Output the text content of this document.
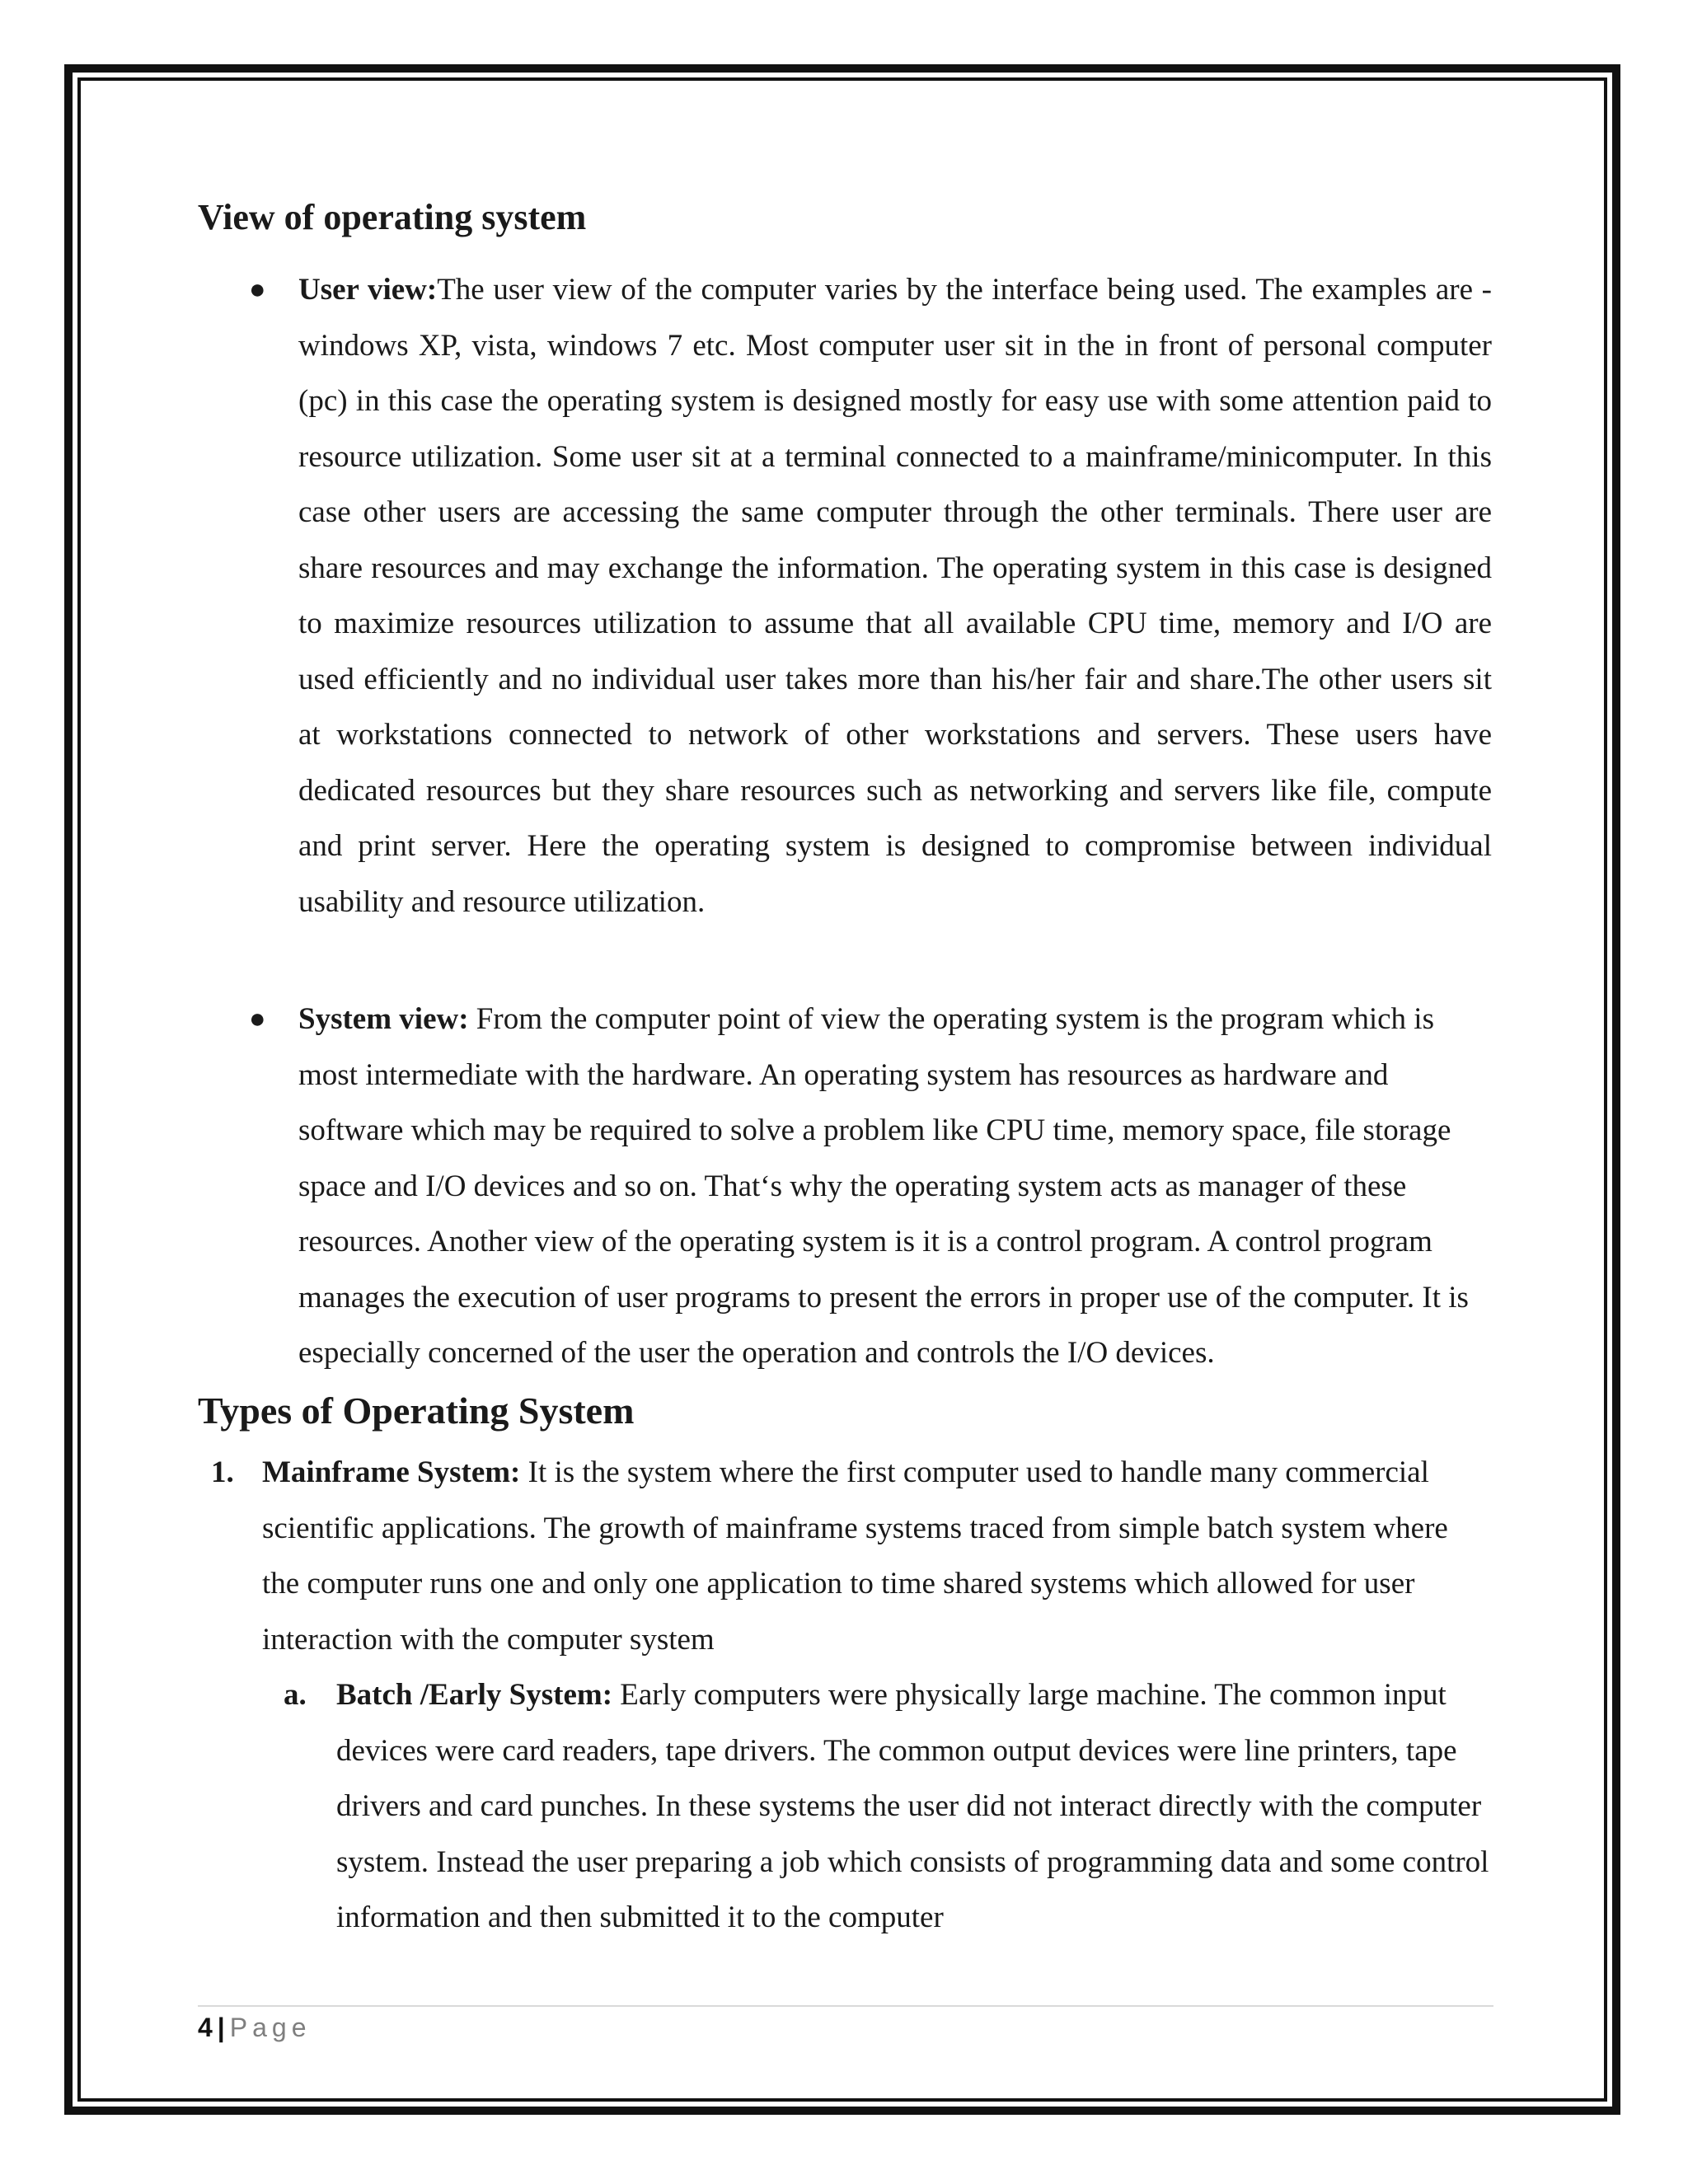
View of operating system
● User view:The user view of the computer varies by the interface being used. The examples are -windows XP, vista, windows 7 etc. Most computer user sit in the in front of personal computer (pc) in this case the operating system is designed mostly for easy use with some attention paid to resource utilization. Some user sit at a terminal connected to a mainframe/minicomputer. In this case other users are accessing the same computer through the other terminals. There user are share resources and may exchange the information. The operating system in this case is designed to maximize resources utilization to assume that all available CPU time, memory and I/O are used efficiently and no individual user takes more than his/her fair and share.The other users sit at workstations connected to network of other workstations and servers. These users have dedicated resources but they share resources such as networking and servers like file, compute and print server. Here the operating system is designed to compromise between individual usability and resource utilization.
● System view: From the computer point of view the operating system is the program which is most intermediate with the hardware. An operating system has resources as hardware and software which may be required to solve a problem like CPU time, memory space, file storage space and I/O devices and so on. That‘s why the operating system acts as manager of these resources. Another view of the operating system is it is a control program. A control program manages the execution of user programs to present the errors in proper use of the computer. It is especially concerned of the user the operation and controls the I/O devices.
Types of Operating System
1. Mainframe System: It is the system where the first computer used to handle many commercial scientific applications. The growth of mainframe systems traced from simple batch system where the computer runs one and only one application to time shared systems which allowed for user interaction with the computer system
a. Batch /Early System: Early computers were physically large machine. The common input devices were card readers, tape drivers. The common output devices were line printers, tape drivers and card punches. In these systems the user did not interact directly with the computer system. Instead the user preparing a job which consists of programming data and some control information and then submitted it to the computer
4 | Page
